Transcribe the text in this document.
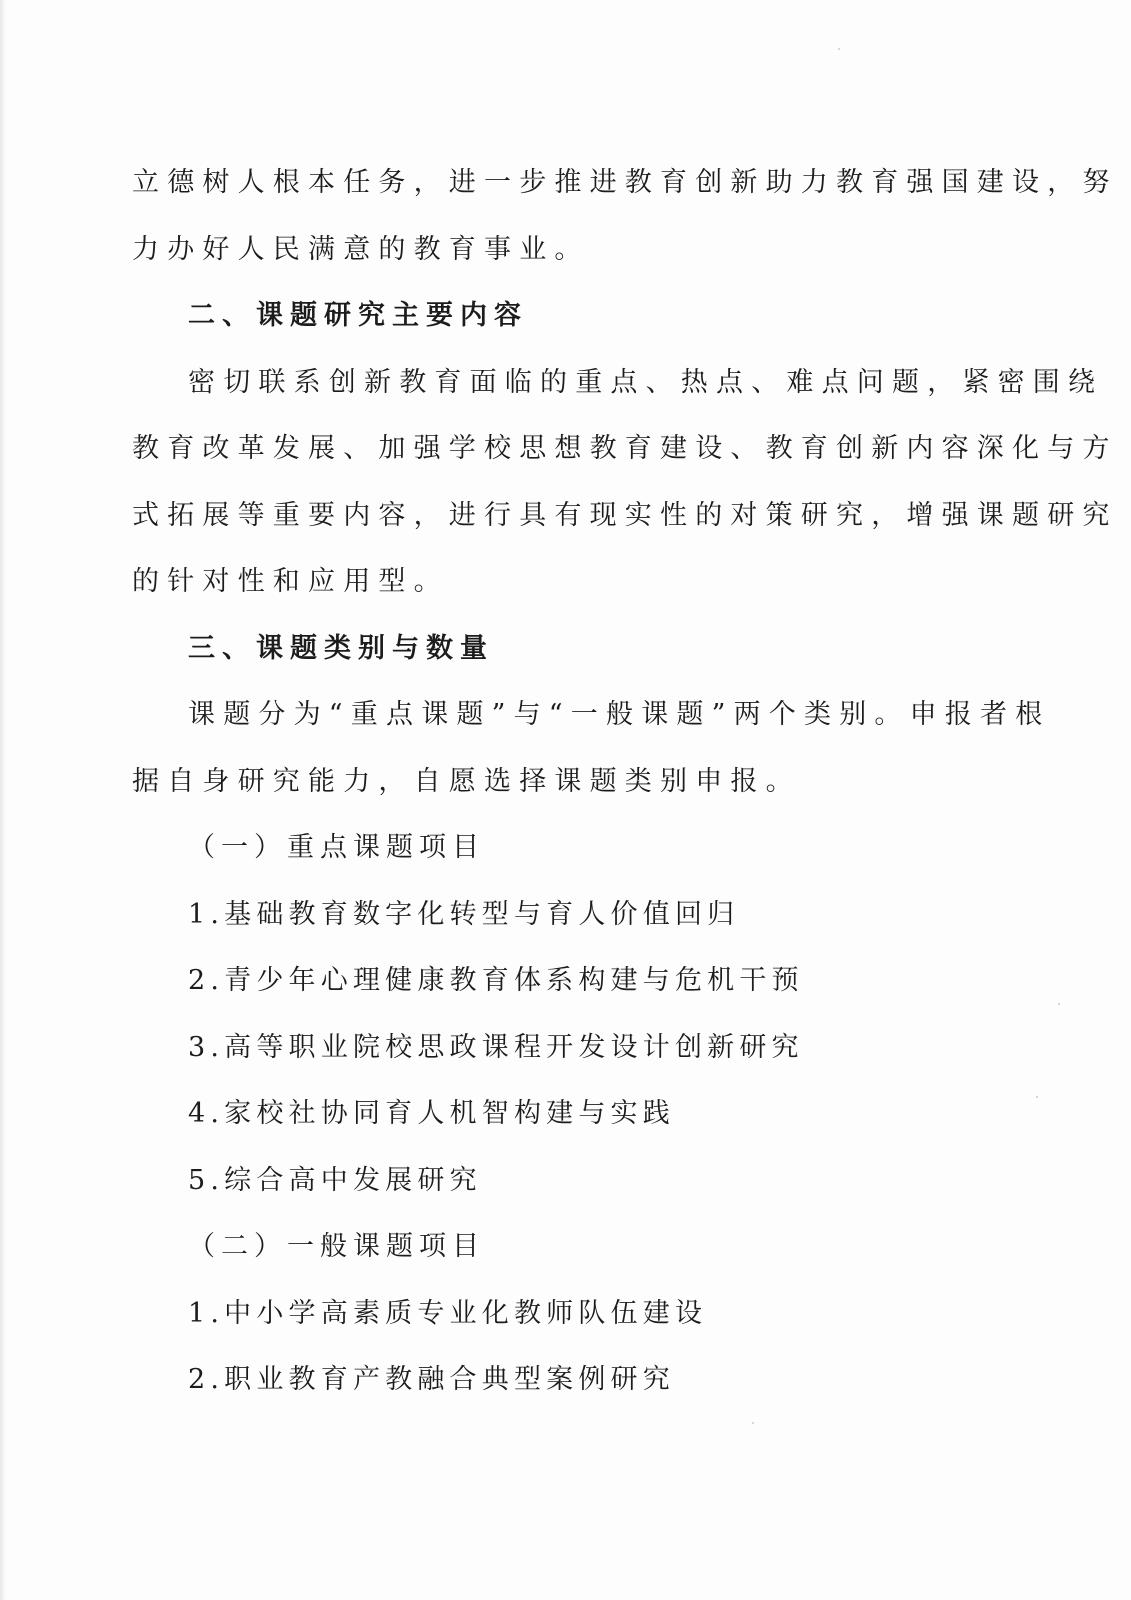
立德树人根本任务，进一步推进教育创新助力教育强国建设，努
力办好人民满意的教育事业。
二、课题研究主要内容
密切联系创新教育面临的重点、热点、难点问题，紧密围绕
教育改革发展、加强学校思想教育建设、教育创新内容深化与方
式拓展等重要内容，进行具有现实性的对策研究，增强课题研究
的针对性和应用型。
三、课题类别与数量
课题分为“重点课题”与“一般课题”两个类别。申报者根
据自身研究能力，自愿选择课题类别申报。
（一）重点课题项目
1.基础教育数字化转型与育人价值回归
2.青少年心理健康教育体系构建与危机干预
3.高等职业院校思政课程开发设计创新研究
4.家校社协同育人机智构建与实践
5.综合高中发展研究
（二）一般课题项目
1.中小学高素质专业化教师队伍建设
2.职业教育产教融合典型案例研究
